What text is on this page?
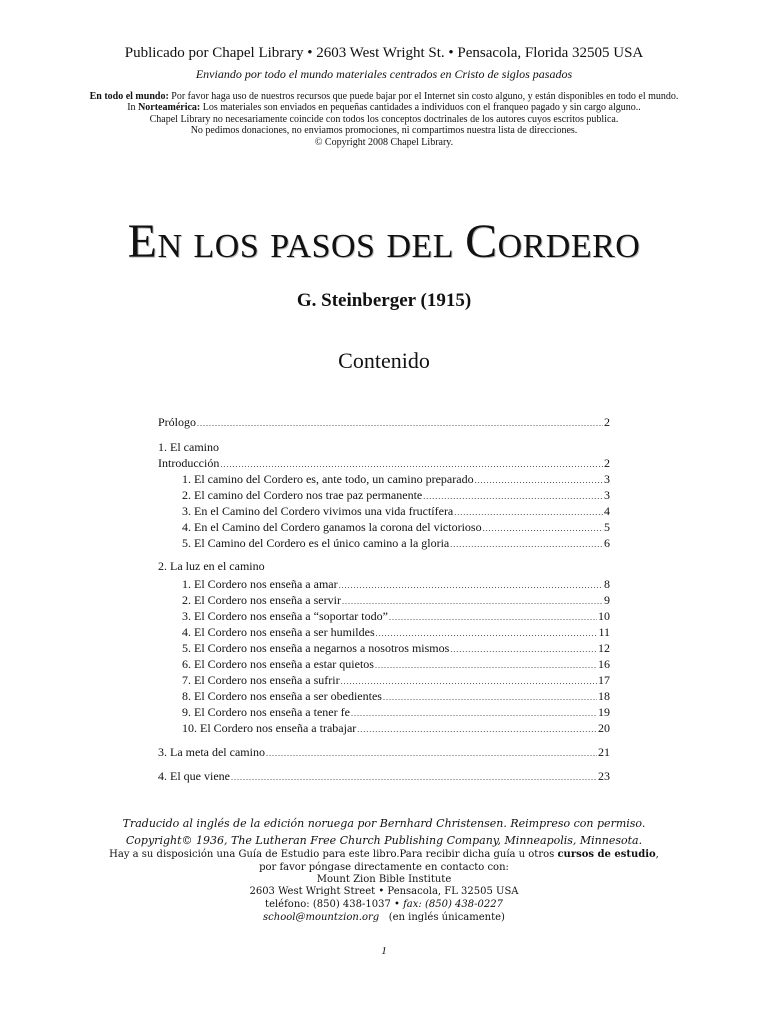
Publicado por Chapel Library • 2603 West Wright St. • Pensacola, Florida 32505 USA
Enviando por todo el mundo materiales centrados en Cristo de siglos pasados
En todo el mundo: Por favor haga uso de nuestros recursos que puede bajar por el Internet sin costo alguno, y están disponibles en todo el mundo.
In Norteamérica: Los materiales son enviados en pequeñas cantidades a individuos con el franqueo pagado y sin cargo alguno..
Chapel Library no necesariamente coincide con todos los conceptos doctrinales de los autores cuyos escritos publica.
No pedimos donaciones, no enviamos promociones, ni compartimos nuestra lista de direcciones.
© Copyright 2008 Chapel Library.
EN LOS PASOS DEL CORDERO
G. Steinberger (1915)
Contenido
Prólogo .....	2
1. El camino
Introducción .....	2
1. El camino del Cordero es, ante todo, un camino preparado .....	3
2. El camino del Cordero nos trae paz permanente .....	3
3. En el Camino del Cordero vivimos una vida fructífera .....	4
4. En el Camino del Cordero ganamos la corona del victorioso .....	5
5. El Camino del Cordero es el único camino a la gloria .....	6
2. La luz en el camino
1. El Cordero nos enseña a amar .....	8
2. El Cordero nos enseña a servir .....	9
3. El Cordero nos enseña a “soportar todo” .....	10
4. El Cordero nos enseña a ser humildes .....	11
5. El Cordero nos enseña a negarnos a nosotros mismos .....	12
6. El Cordero nos enseña a estar quietos .....	16
7. El Cordero nos enseña a sufrir .....	17
8. El Cordero nos enseña a ser obedientes .....	18
9. El Cordero nos enseña a tener fe .....	19
10. El Cordero nos enseña a trabajar .....	20
3. La meta del camino .....	21
4. El que viene .....	23
Traducido al inglés de la edición noruega por Bernhard Christensen. Reimpreso con permiso.
Copyright© 1936, The Lutheran Free Church Publishing Company, Minneapolis, Minnesota.
Hay a su disposición una Guía de Estudio para este libro.Para recibir dicha guía u otros cursos de estudio,
por favor póngase directamente en contacto con:
Mount Zion Bible Institute
2603 West Wright Street • Pensacola, FL 32505 USA
teléfono: (850) 438-1037 • fax: (850) 438-0227
school@mountzion.org (en inglés únicamente)
1
